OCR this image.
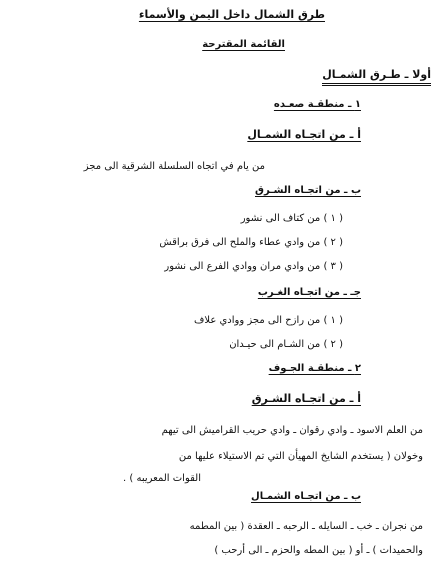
طرق الشمال داخل اليمن والأسماء
القائمة المقترحة
أولا ـ طـرق الشمـال
١ ـ منطقـة صعـده
أ ـ من اتجـاه الشمـال
من يام في اتجاه السلسلة الشرقية الى مجز
ب ـ من اتجـاه الشـرق
( ١ ) من كتاف الى نشور
( ٢ ) من وادي عطاء والملح الى فرق براقش
( ٣ ) من وادي مران ووادي الفرع الى نشور
جـ ـ من اتجـاه الغـرب
( ١ ) من رازح الى مجز ووادي علاف
( ٢ ) من الشـام الى حيـدان
٢ ـ منطقـة الجـوف
أ ـ من اتجـاه الشـرق
من العلم الاسود ـ وادي رقوان ـ وادي حريب القراميش الى تيهم
وخولان ( يستخدم الشايخ المهيأن التي تم الاستيلاء عليها من
القوات المعريبه ) .
ب ـ من اتجـاه الشمـال
من نجران ـ خب ـ السايله ـ الرحبه ـ العقدة ( بين المطمه
والحميدات ) ـ أو ( بين المطه والحزم ـ الى أرحب )
